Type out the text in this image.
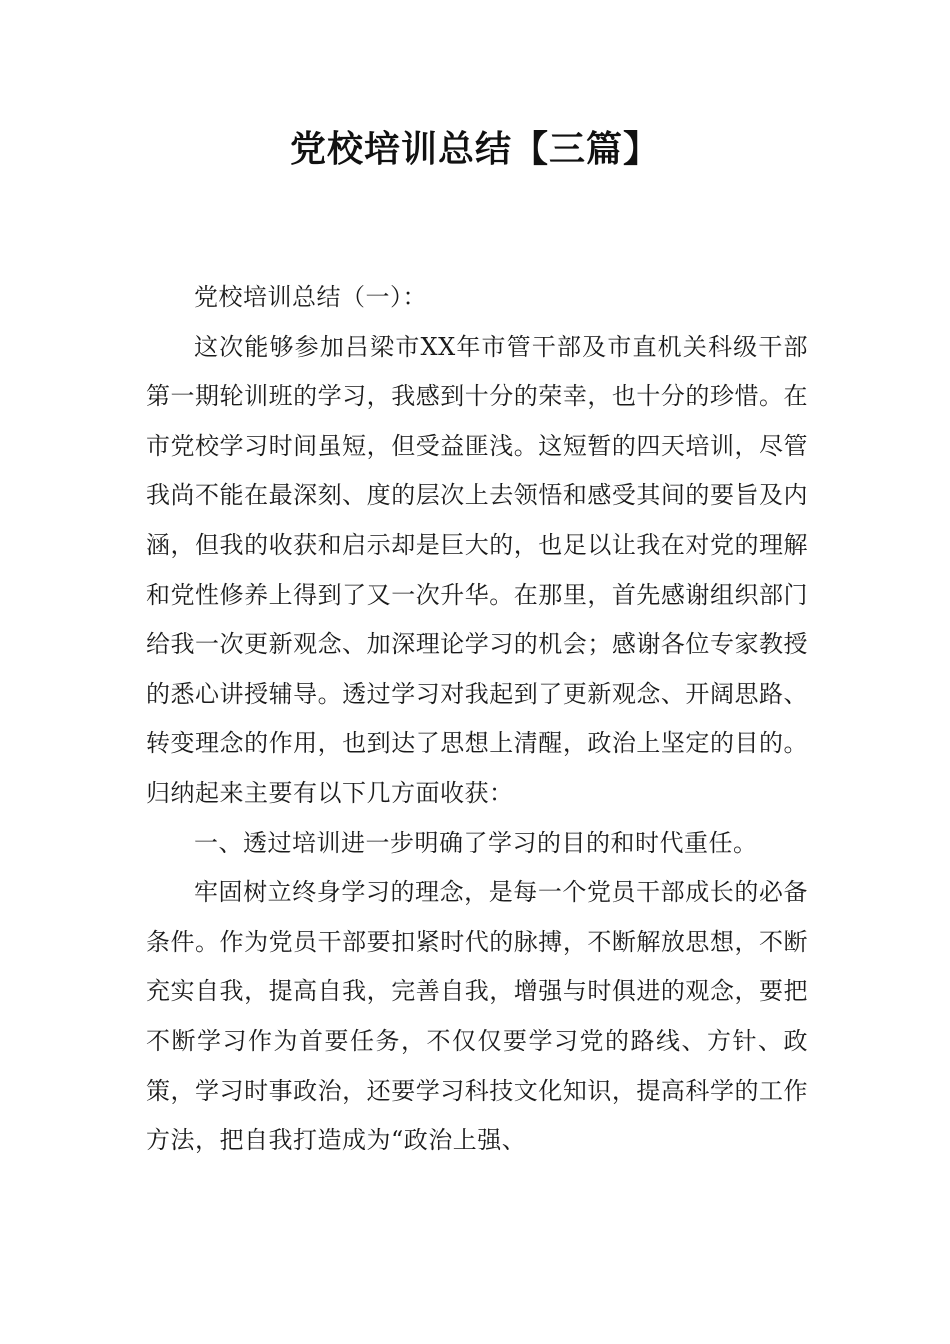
党校培训总结【三篇】

党校培训总结（一）：

这次能够参加吕梁市XX年市管干部及市直机关科级干部第一期轮训班的学习，我感到十分的荣幸，也十分的珍惜。在市党校学习时间虽短，但受益匪浅。这短暂的四天培训，尽管我尚不能在最深刻、度的层次上去领悟和感受其间的要旨及内涵，但我的收获和启示却是巨大的，也足以让我在对党的理解和党性修养上得到了又一次升华。在那里，首先感谢组织部门给我一次更新观念、加深理论学习的机会；感谢各位专家教授的悉心讲授辅导。透过学习对我起到了更新观念、开阔思路、转变理念的作用，也到达了思想上清醒，政治上坚定的目的。归纳起来主要有以下几方面收获：

一、透过培训进一步明确了学习的目的和时代重任。

牢固树立终身学习的理念，是每一个党员干部成长的必备条件。作为党员干部要扣紧时代的脉搏，不断解放思想，不断充实自我，提高自我，完善自我，增强与时俱进的观念，要把不断学习作为首要任务，不仅仅要学习党的路线、方针、政策，学习时事政治，还要学习科技文化知识，提高科学的工作方法，把自我打造成为“政治上强、
